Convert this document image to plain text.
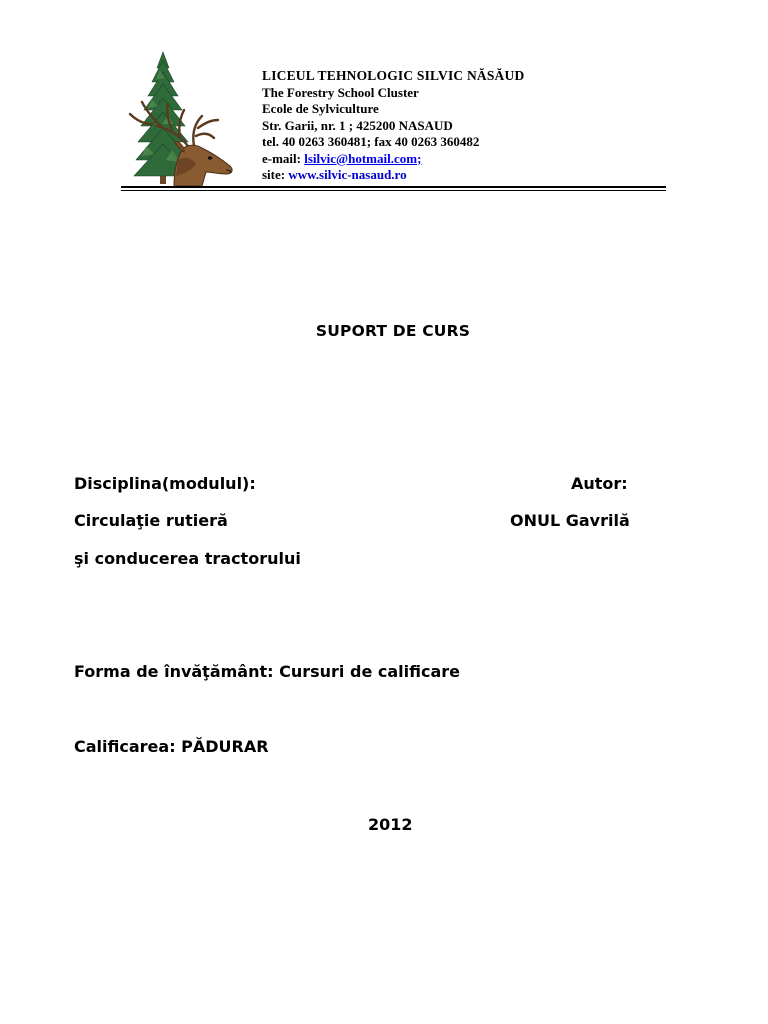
LICEUL TEHNOLOGIC SILVIC NĂSĂUD
The Forestry School Cluster
Ecole de Sylviculture
Str. Garii, nr. 1 ; 425200 NASAUD
tel. 40 0263 360481; fax 40 0263 360482
e-mail: lsilvic@hotmail.com;
site: www.silvic-nasaud.ro
SUPORT DE CURS
Disciplina(modulul):	Autor:
Circulaţie rutieră	ONUL Gavrilă
şi conducerea tractorului
Forma de învăţământ: Cursuri de calificare
Calificarea: PĂDURAR
2012
